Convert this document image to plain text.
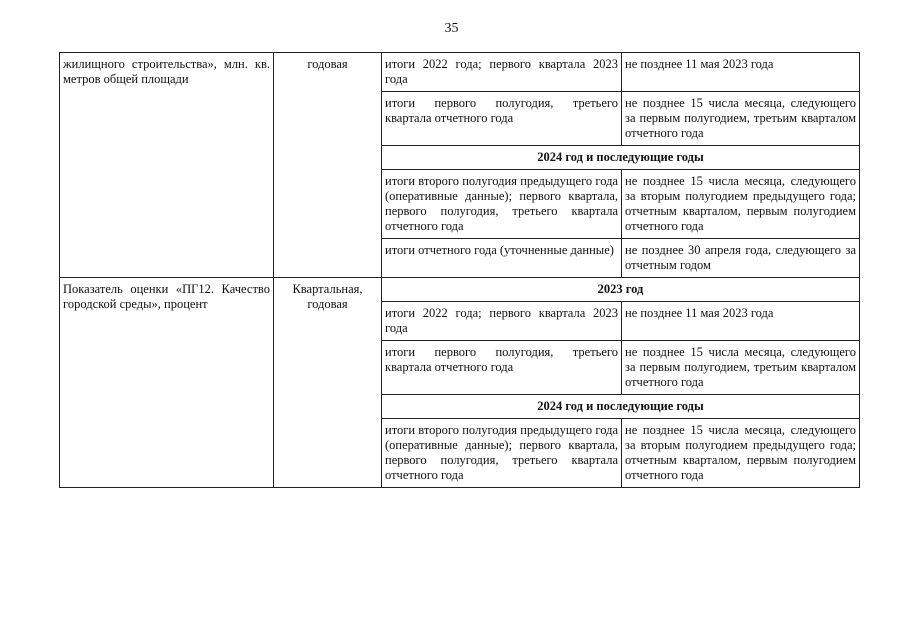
35
жилищного строительства», млн. кв. метров общей площади	годовая	итоги 2022 года; первого квартала 2023 года	не позднее 11 мая 2023 года
		итоги первого полугодия, третьего квартала отчетного года	не позднее 15 числа месяца, следующего за первым полугодием, третьим кварталом отчетного года
		2024 год и последующие годы	
		итоги второго полугодия предыдущего года (оперативные данные); первого квартала, первого полугодия, третьего квартала отчетного года	не позднее 15 числа месяца, следующего за вторым полугодием предыдущего года; отчетным кварталом, первым полугодием отчетного года
		итоги отчетного года (уточненные данные)	не позднее 30 апреля года, следующего за отчетным годом
Показатель оценки «ПГ12. Качество городской среды», процент	Квартальная, годовая	2023 год	
		итоги 2022 года; первого квартала 2023 года	не позднее 11 мая 2023 года
		итоги первого полугодия, третьего квартала отчетного года	не позднее 15 числа месяца, следующего за первым полугодием, третьим кварталом отчетного года
		2024 год и последующие годы	
		итоги второго полугодия предыдущего года (оперативные данные); первого квартала, первого полугодия, третьего квартала отчетного года	не позднее 15 числа месяца, следующего за вторым полугодием предыдущего года; отчетным кварталом, первым полугодием отчетного года
